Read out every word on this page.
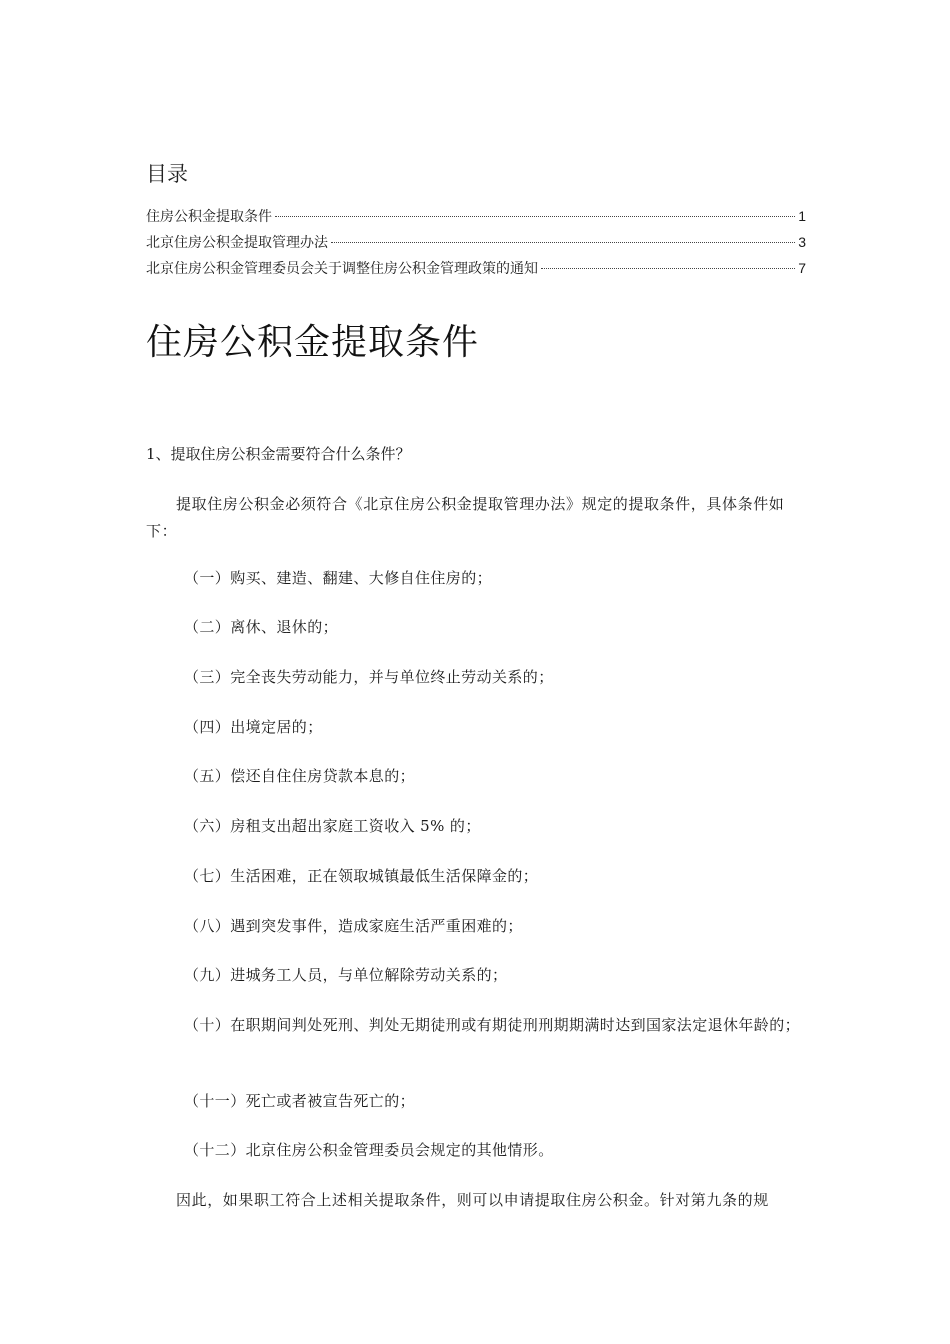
目录
住房公积金提取条件	1
北京住房公积金提取管理办法	3
北京住房公积金管理委员会关于调整住房公积金管理政策的通知	7
住房公积金提取条件
1、提取住房公积金需要符合什么条件？
提取住房公积金必须符合《北京住房公积金提取管理办法》规定的提取条件，具体条件如下：
（一）购买、建造、翻建、大修自住住房的；
（二）离休、退休的；
（三）完全丧失劳动能力，并与单位终止劳动关系的；
（四）出境定居的；
（五）偿还自住住房贷款本息的；
（六）房租支出超出家庭工资收入 5% 的；
（七）生活困难，正在领取城镇最低生活保障金的；
（八）遇到突发事件，造成家庭生活严重困难的；
（九）进城务工人员，与单位解除劳动关系的；
（十）在职期间判处死刑、判处无期徒刑或有期徒刑刑期期满时达到国家法定退休年龄的；
（十一）死亡或者被宣告死亡的；
（十二）北京住房公积金管理委员会规定的其他情形。
因此，如果职工符合上述相关提取条件，则可以申请提取住房公积金。针对第九条的规
